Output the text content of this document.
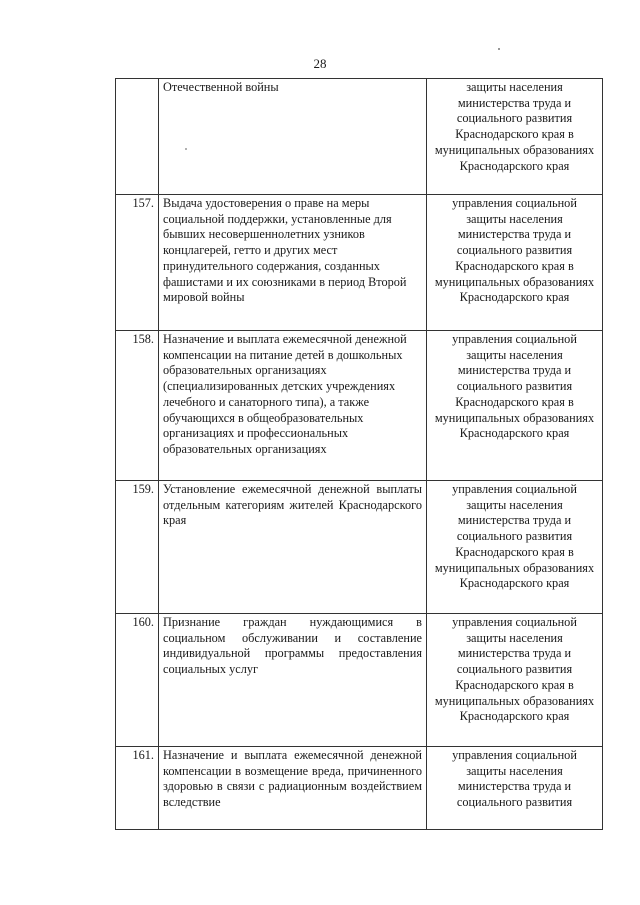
28
	Отечественной войны	защиты населения министерства труда и социального развития Краснодарского края в муниципальных образованиях Краснодарского края
157.	Выдача удостоверения о праве на меры социальной поддержки, установленные для бывших несовершеннолетних узников концлагерей, гетто и других мест принудительного содержания, созданных фашистами и их союзниками в период Второй мировой войны	управления социальной защиты населения министерства труда и социального развития Краснодарского края в муниципальных образованиях Краснодарского края
158.	Назначение и выплата ежемесячной денежной компенсации на питание детей в дошкольных образовательных организациях (специализированных детских учреждениях лечебного и санаторного типа), а также обучающихся в общеобразовательных организациях и профессиональных образовательных организациях	управления социальной защиты населения министерства труда и социального развития Краснодарского края в муниципальных образованиях Краснодарского края
159.	Установление ежемесячной денежной выплаты отдельным категориям жителей Краснодарского края	управления социальной защиты населения министерства труда и социального развития Краснодарского края в муниципальных образованиях Краснодарского края
160.	Признание граждан нуждающимися в социальном обслуживании и составление индивидуальной программы предоставления социальных услуг	управления социальной защиты населения министерства труда и социального развития Краснодарского края в муниципальных образованиях Краснодарского края
161.	Назначение и выплата ежемесячной денежной компенсации в возмещение вреда, причиненного здоровью в связи с радиационным воздействием вследствие	управления социальной защиты населения министерства труда и социального развития
